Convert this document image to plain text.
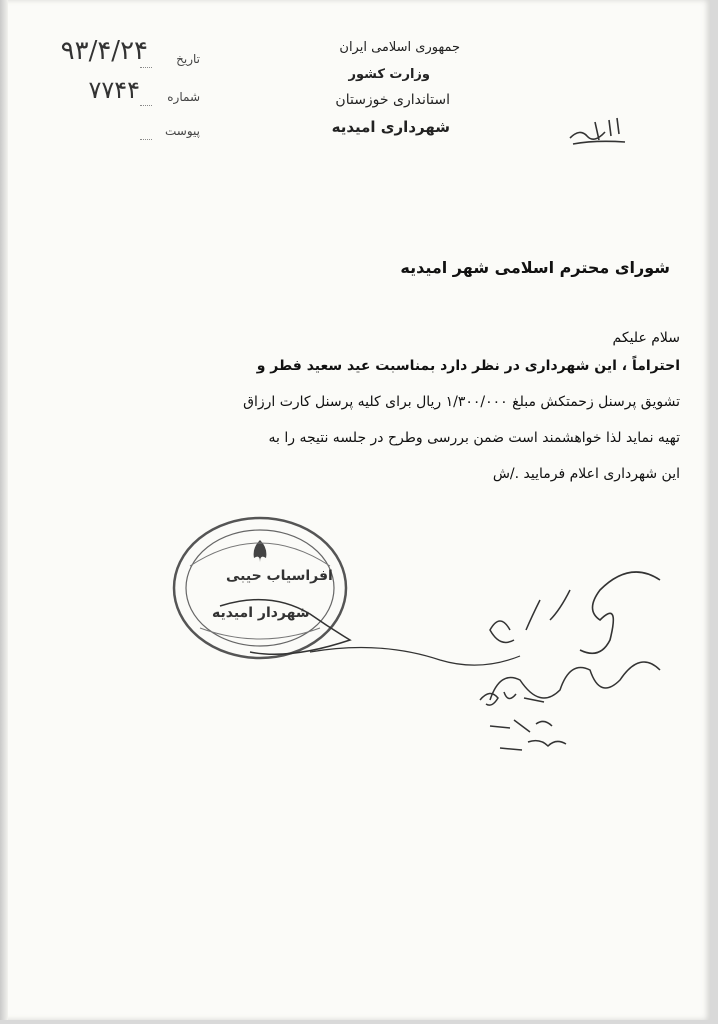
تاریخ
۹۳/۴/۲۴
شماره
۷۷۴۴
پیوست
جمهوری اسلامی ایران
وزارت کشور
استانداری خوزستان
شهرداری امیدیه
شورای محترم اسلامی شهر امیدیه
سلام علیکم
احتراماً ، این شهرداری در نظر دارد بمناسبت عید سعید فطر و
تشویق پرسنل زحمتکش مبلغ ۱/۳۰۰/۰۰۰ ریال برای کلیه پرسنل کارت ارزاق
تهیه نماید لذا خواهشمند است ضمن بررسی وطرح در جلسه نتیجه را به
این شهرداری اعلام فرمایید ./ش
افراسیاب حیبی
شهردار امیدیه
